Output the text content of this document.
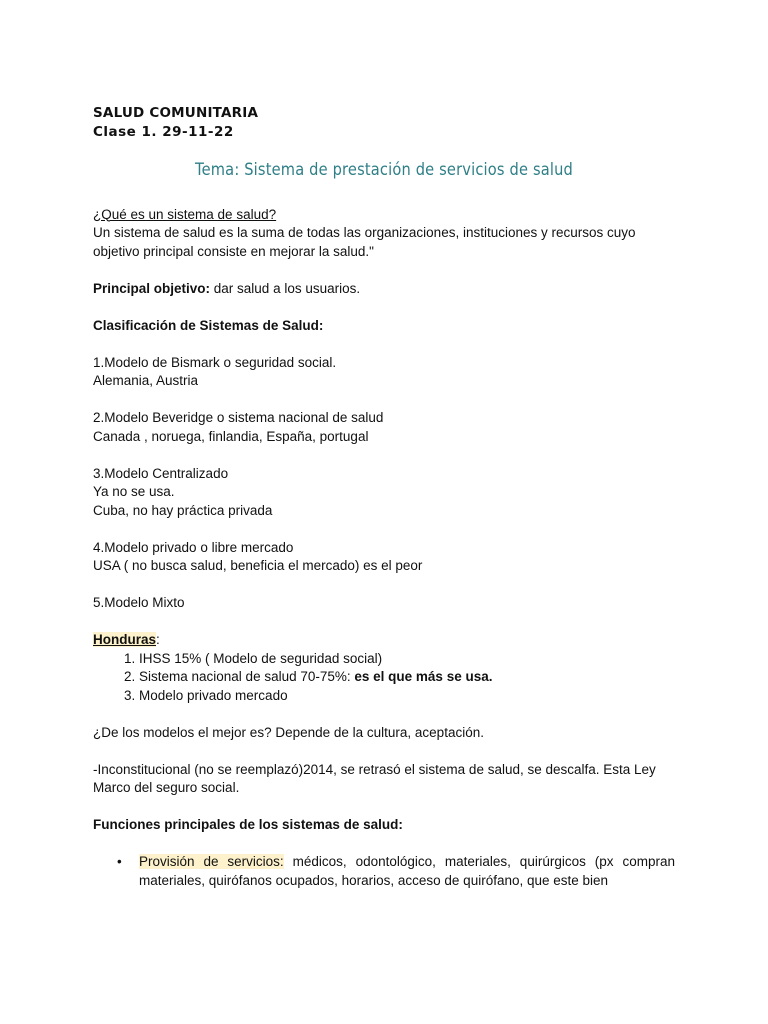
SALUD COMUNITARIA
Clase 1. 29-11-22
Tema: Sistema de prestación de servicios de salud

¿Qué es un sistema de salud?

Un sistema de salud es la suma de todas las organizaciones, instituciones y recursos cuyo objetivo principal consiste en mejorar la salud."

Principal objetivo: dar salud a los usuarios.

Clasificación de Sistemas de Salud:

1.Modelo de Bismark o seguridad social.

Alemania, Austria

2.Modelo Beveridge o sistema nacional de salud

Canada , noruega, finlandia, España, portugal

3.Modelo Centralizado

Ya no se usa.

Cuba, no hay práctica privada

4.Modelo privado o libre mercado

USA ( no busca salud, beneficia el mercado) es el peor

5.Modelo Mixto

Honduras:

1. IHSS 15% ( Modelo de seguridad social)
2. Sistema nacional de salud 70-75%: es el que más se usa.
3. Modelo privado mercado

¿De los modelos el mejor es? Depende de la cultura, aceptación.

-Inconstitucional (no se reemplazó)2014, se retrasó el sistema de salud, se descalfa. Esta Ley Marco del seguro social.

Funciones principales de los sistemas de salud:

• Provisión de servicios: médicos, odontológico, materiales, quirúrgicos (px compran materiales, quirófanos ocupados, horarios, acceso de quirófano, que este bien
